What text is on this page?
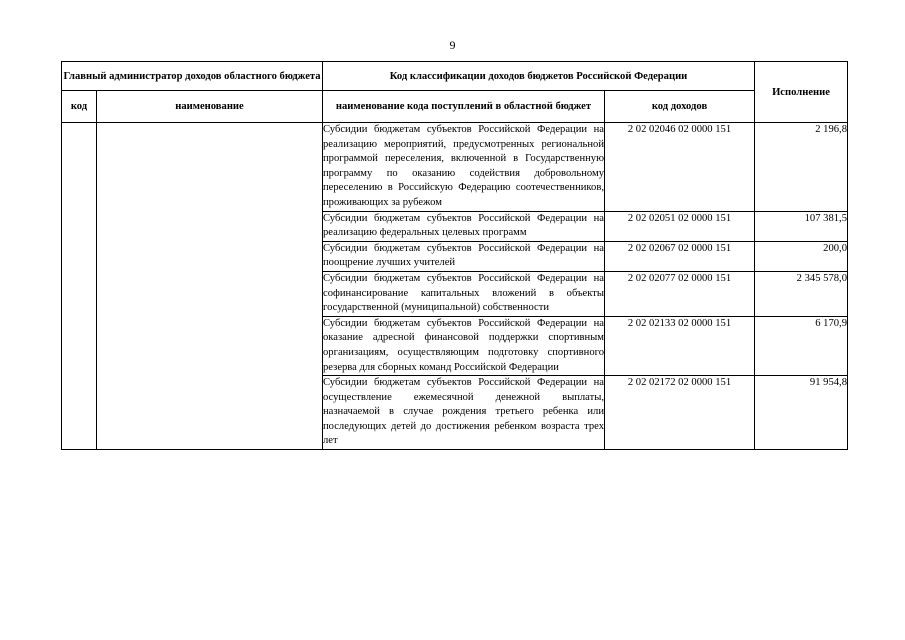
9
Главный администратор доходов областного бюджета		Код классификации доходов бюджетов Российской Федерации		Исполнение
код	наименование	наименование кода поступлений в областной бюджет	код доходов	

		Субсидии бюджетам субъектов Российской Федерации на реализацию мероприятий, предусмотренных региональной программой переселения, включенной в Государственную программу по оказанию содействия добровольному переселению в Российскую Федерацию соотечественников, проживающих за рубежом	2 02 02046 02 0000 151	2 196,8

		Субсидии бюджетам субъектов Российской Федерации на реализацию федеральных целевых программ	2 02 02051 02 0000 151	107 381,5

		Субсидии бюджетам субъектов Российской Федерации на поощрение лучших учителей	2 02 02067 02 0000 151	200,0

		Субсидии бюджетам субъектов Российской Федерации на софинансирование капитальных вложений в объекты государственной (муниципальной) собственности	2 02 02077 02 0000 151	2 345 578,0

		Субсидии бюджетам субъектов Российской Федерации на оказание адресной финансовой поддержки спортивным организациям, осуществляющим подготовку спортивного резерва для сборных команд Российской Федерации	2 02 02133 02 0000 151	6 170,9

		Субсидии бюджетам субъектов Российской Федерации на осуществление ежемесячной денежной выплаты, назначаемой в случае рождения третьего ребенка или последующих детей до достижения ребенком возраста трех лет	2 02 02172 02 0000 151	91 954,8
